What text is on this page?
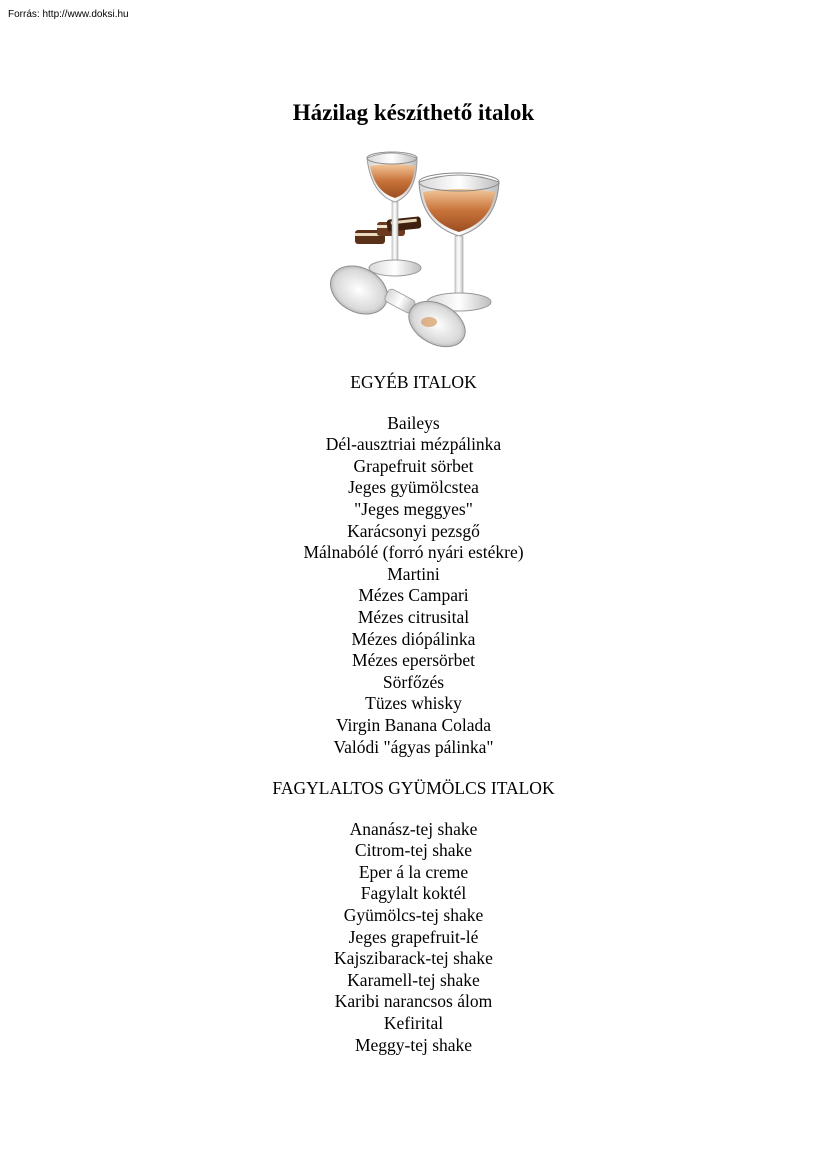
Forrás: http://www.doksi.hu
Házilag készíthető italok
EGYÉB ITALOK
Baileys
Dél-ausztriai mézpálinka
Grapefruit sörbet
Jeges gyümölcstea
"Jeges meggyes"
Karácsonyi pezsgő
Málnabólé (forró nyári estékre)
Martini
Mézes Campari
Mézes citrusital
Mézes diópálinka
Mézes epersörbet
Sörfőzés
Tüzes whisky
Virgin Banana Colada
Valódi "ágyas pálinka"
FAGYLALTOS GYÜMÖLCS ITALOK
Ananász-tej shake
Citrom-tej shake
Eper á la creme
Fagylalt koktél
Gyümölcs-tej shake
Jeges grapefruit-lé
Kajszibarack-tej shake
Karamell-tej shake
Karibi narancsos álom
Kefirital
Meggy-tej shake
